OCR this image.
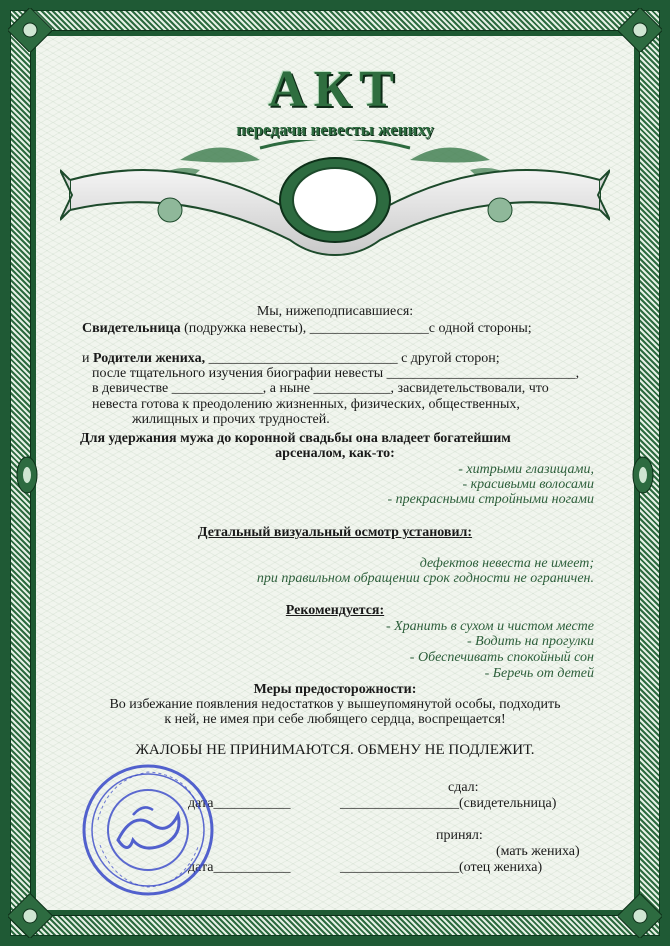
АКТ
передачи невесты жениху

Мы, нижеподписавшиеся:

Свидетельница (подружка невесты), _________________с одной стороны;

и Родители жениха, ___________________________ с другой сторон;

после тщательного изучения биографии невесты ___________________________,

в девичестве _____________, а ныне ___________, засвидетельствовали, что

невеста готова к преодолению жизненных, физических, общественных,

жилищных и прочих трудностей.

Для удержания мужа до коронной свадьбы она владеет богатейшим

арсеналом, как-то:

- хитрыми глазищами,

- красивыми волосами

- прекрасными стройными ногами

Детальный визуальный осмотр установил:

дефектов невеста не имеет;

при правильном обращении срок годности не ограничен.

Рекомендуется:

- Хранить в сухом и чистом месте

- Водить на прогулки

- Обеспечивать спокойный сон

- Беречь от детей

Меры предосторожности:

Во избежание появления недостатков у вышеупомянутой особы, подходить

к ней, не имея при себе любящего сердца, воспрещается!

ЖАЛОБЫ НЕ ПРИНИМАЮТСЯ. ОБМЕНУ НЕ ПОДЛЕЖИТ.

сдал:

дата___________	_________________(свидетельница)

принял:

(мать жениха)

дата___________	_________________(отец жениха)
